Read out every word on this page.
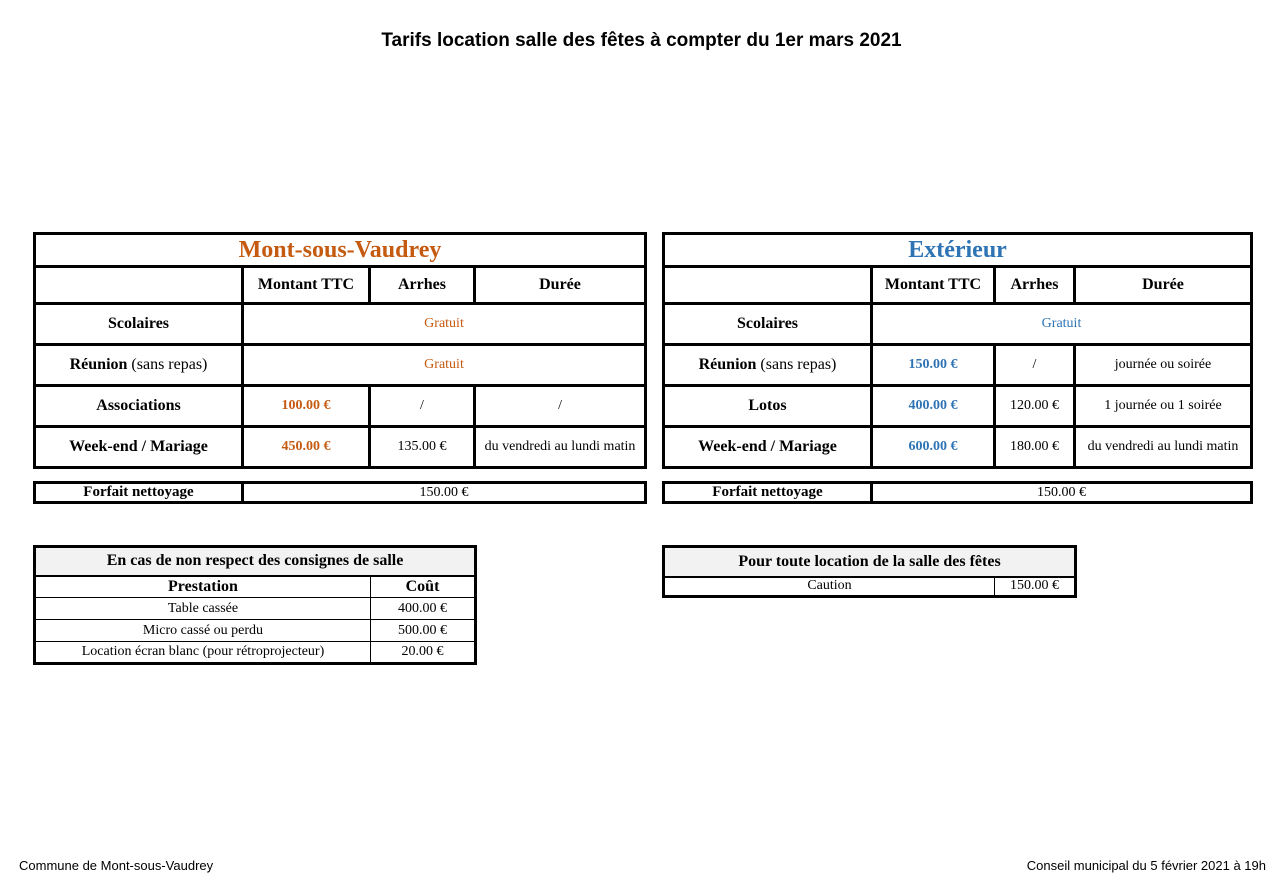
Tarifs location salle des fêtes à compter du 1er mars 2021
Mont-sous-Vaudrey			
	Montant TTC	Arrhes	Durée
Scolaires	Gratuit		
Réunion (sans repas)	Gratuit		
Associations	100.00 €	/	/
Week-end / Mariage	450.00 €	135.00 €	du vendredi au lundi matin
Forfait nettoyage	150.00 €
Extérieur			
	Montant TTC	Arrhes	Durée
Scolaires	Gratuit		
Réunion (sans repas)	150.00 €	/	journée ou soirée
Lotos	400.00 €	120.00 €	1 journée ou 1 soirée
Week-end / Mariage	600.00 €	180.00 €	du vendredi au lundi matin
Forfait nettoyage	150.00 €
En cas de non respect des consignes de salle	
Prestation	Coût
Table cassée	400.00 €
Micro cassé ou perdu	500.00 €
Location écran blanc (pour rétroprojecteur)	20.00 €
Pour toute location de la salle des fêtes
Caution	150.00 €
Commune de Mont-sous-Vaudrey	Conseil municipal du 5 février 2021 à 19h
